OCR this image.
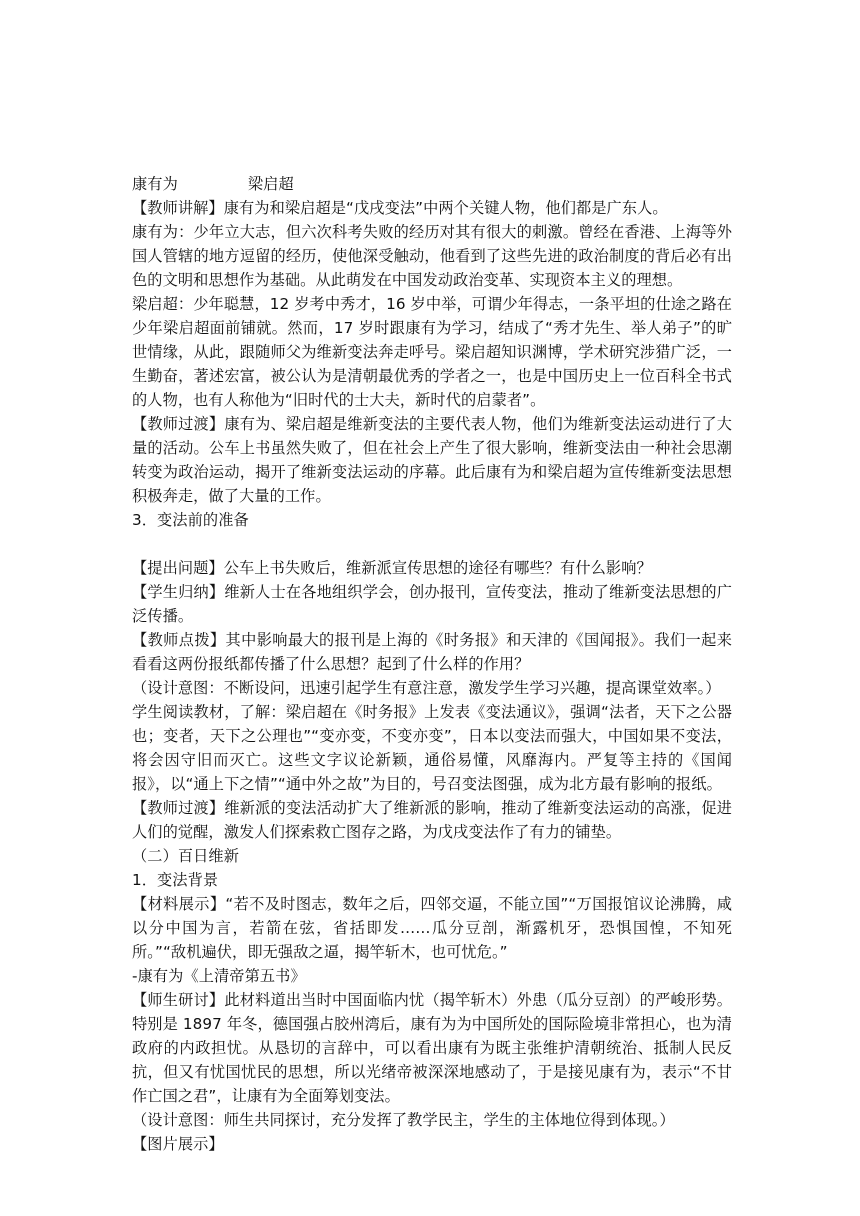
康有为	梁启超

【教师讲解】康有为和梁启超是“戊戌变法”中两个关键人物，他们都是广东人。

康有为：少年立大志，但六次科考失败的经历对其有很大的刺激。曾经在香港、上海等外国人管辖的地方逗留的经历，使他深受触动，他看到了这些先进的政治制度的背后必有出色的文明和思想作为基础。从此萌发在中国发动政治变革、实现资本主义的理想。

梁启超：少年聪慧，12 岁考中秀才，16 岁中举，可谓少年得志，一条平坦的仕途之路在少年梁启超面前铺就。然而，17 岁时跟康有为学习，结成了“秀才先生、举人弟子”的旷世情缘，从此，跟随师父为维新变法奔走呼号。梁启超知识渊博，学术研究涉猎广泛，一生勤奋，著述宏富，被公认为是清朝最优秀的学者之一，也是中国历史上一位百科全书式的人物，也有人称他为“旧时代的士大夫，新时代的启蒙者”。

【教师过渡】康有为、梁启超是维新变法的主要代表人物，他们为维新变法运动进行了大量的活动。公车上书虽然失败了，但在社会上产生了很大影响，维新变法由一种社会思潮转变为政治运动，揭开了维新变法运动的序幕。此后康有为和梁启超为宣传维新变法思想积极奔走，做了大量的工作。

3．变法前的准备

【提出问题】公车上书失败后，维新派宣传思想的途径有哪些？有什么影响？

【学生归纳】维新人士在各地组织学会，创办报刊，宣传变法，推动了维新变法思想的广泛传播。

【教师点拨】其中影响最大的报刊是上海的《时务报》和天津的《国闻报》。我们一起来看看这两份报纸都传播了什么思想？起到了什么样的作用？

（设计意图：不断设问，迅速引起学生有意注意，激发学生学习兴趣，提高课堂效率。）

学生阅读教材，了解：梁启超在《时务报》上发表《变法通议》，强调“法者，天下之公器也；变者，天下之公理也”“变亦变，不变亦变”，日本以变法而强大，中国如果不变法，将会因守旧而灭亡。这些文字议论新颖，通俗易懂，风靡海内。严复等主持的《国闻报》，以“通上下之情”“通中外之故”为目的，号召变法图强，成为北方最有影响的报纸。

【教师过渡】维新派的变法活动扩大了维新派的影响，推动了维新变法运动的高涨，促进人们的觉醒，激发人们探索救亡图存之路，为戊戌变法作了有力的铺垫。

（二）百日维新

1．变法背景

【材料展示】“若不及时图志，数年之后，四邻交逼，不能立国”“万国报馆议论沸腾，咸以分中国为言，若箭在弦，省括即发……瓜分豆剖，渐露机牙，恐惧国惶，不知死所。”“敌机遍伏，即无强敌之逼，揭竿斩木，也可忧危。”

-康有为《上清帝第五书》

【师生研讨】此材料道出当时中国面临内忧（揭竿斩木）外患（瓜分豆剖）的严峻形势。特别是 1897 年冬，德国强占胶州湾后，康有为为中国所处的国际险境非常担心，也为清政府的内政担忧。从恳切的言辞中，可以看出康有为既主张维护清朝统治、抵制人民反抗，但又有忧国忧民的思想，所以光绪帝被深深地感动了，于是接见康有为，表示“不甘作亡国之君”，让康有为全面筹划变法。

（设计意图：师生共同探讨，充分发挥了教学民主，学生的主体地位得到体现。）

【图片展示】
